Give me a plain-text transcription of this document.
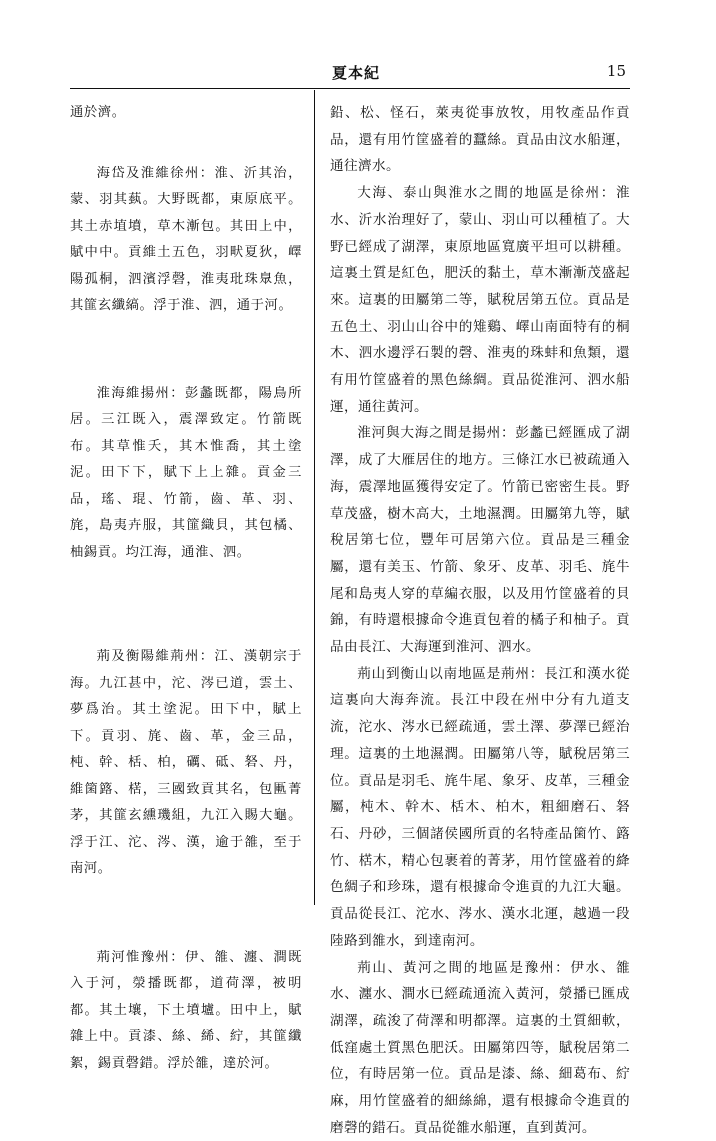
夏本紀	15

通於濟。

海岱及淮維徐州：淮、沂其治，蒙、羽其蓺。大野既都，東原底平。其土赤埴墳，草木漸包。其田上中，賦中中。貢維土五色，羽畎夏狄，嶧陽孤桐，泗濱浮磬，淮夷玭珠臮魚，其篚玄纖縞。浮于淮、泗，通于河。

淮海維揚州：彭蠡既都，陽鳥所居。三江既入，震澤致定。竹箭既布。其草惟夭，其木惟喬，其土塗泥。田下下，賦下上上雜。貢金三品，瑤、琨、竹箭，齒、革、羽、旄，島夷卉服，其篚織貝，其包橘、柚錫貢。均江海，通淮、泗。

荊及衡陽維荊州：江、漢朝宗于海。九江甚中，沱、涔已道，雲土、夢爲治。其土塗泥。田下中，賦上下。貢羽、旄、齒、革，金三品，杶、幹、栝、柏，礪、砥、砮、丹，維箘簬、楛，三國致貢其名，包匭菁茅，其篚玄纁璣組，九江入賜大龜。浮于江、沱、涔、漢，逾于雒，至于南河。

荊河惟豫州：伊、雒、瀍、澗既入于河，滎播既都，道荷澤，被明都。其土壤，下土墳壚。田中上，賦雜上中。貢漆、絲、絺、紵，其篚纖絮，錫貢磬錯。浮於雒，達於河。

鉛、松、怪石，萊夷從事放牧，用牧產品作貢品，還有用竹筐盛着的蠶絲。貢品由汶水船運，通往濟水。

大海、泰山與淮水之間的地區是徐州：淮水、沂水治理好了，蒙山、羽山可以種植了。大野已經成了湖澤，東原地區寬廣平坦可以耕種。這裏土質是紅色，肥沃的黏土，草木漸漸茂盛起來。這裏的田屬第二等，賦稅居第五位。貢品是五色土、羽山山谷中的雉鷄、嶧山南面特有的桐木、泗水邊浮石製的磬、淮夷的珠蚌和魚類，還有用竹筐盛着的黑色絲綢。貢品從淮河、泗水船運，通往黃河。

淮河與大海之間是揚州：彭蠡已經匯成了湖澤，成了大雁居住的地方。三條江水已被疏通入海，震澤地區獲得安定了。竹箭已密密生長。野草茂盛，樹木高大，土地濕潤。田屬第九等，賦稅居第七位，豐年可居第六位。貢品是三種金屬，還有美玉、竹箭、象牙、皮革、羽毛、旄牛尾和島夷人穿的草編衣服，以及用竹筐盛着的貝錦，有時還根據命令進貢包着的橘子和柚子。貢品由長江、大海運到淮河、泗水。

荊山到衡山以南地區是荊州：長江和漢水從這裏向大海奔流。長江中段在州中分有九道支流，沱水、涔水已經疏通，雲土澤、夢澤已經治理。這裏的土地濕潤。田屬第八等，賦稅居第三位。貢品是羽毛、旄牛尾、象牙、皮革，三種金屬，杶木、幹木、栝木、柏木，粗細磨石、砮石、丹砂，三個諸侯國所貢的名特產品箘竹、簬竹、楛木，精心包裹着的菁茅，用竹筐盛着的絳色綢子和珍珠，還有根據命令進貢的九江大龜。貢品從長江、沱水、涔水、漢水北運，越過一段陸路到雒水，到達南河。

荊山、黃河之間的地區是豫州：伊水、雒水、瀍水、澗水已經疏通流入黃河，滎播已匯成湖澤，疏浚了荷澤和明都澤。這裏的土質細軟，低窪處土質黑色肥沃。田屬第四等，賦稅居第二位，有時居第一位。貢品是漆、絲、細葛布、紵麻，用竹筐盛着的細絲綿，還有根據命令進貢的磨磬的錯石。貢品從雒水船運，直到黃河。
